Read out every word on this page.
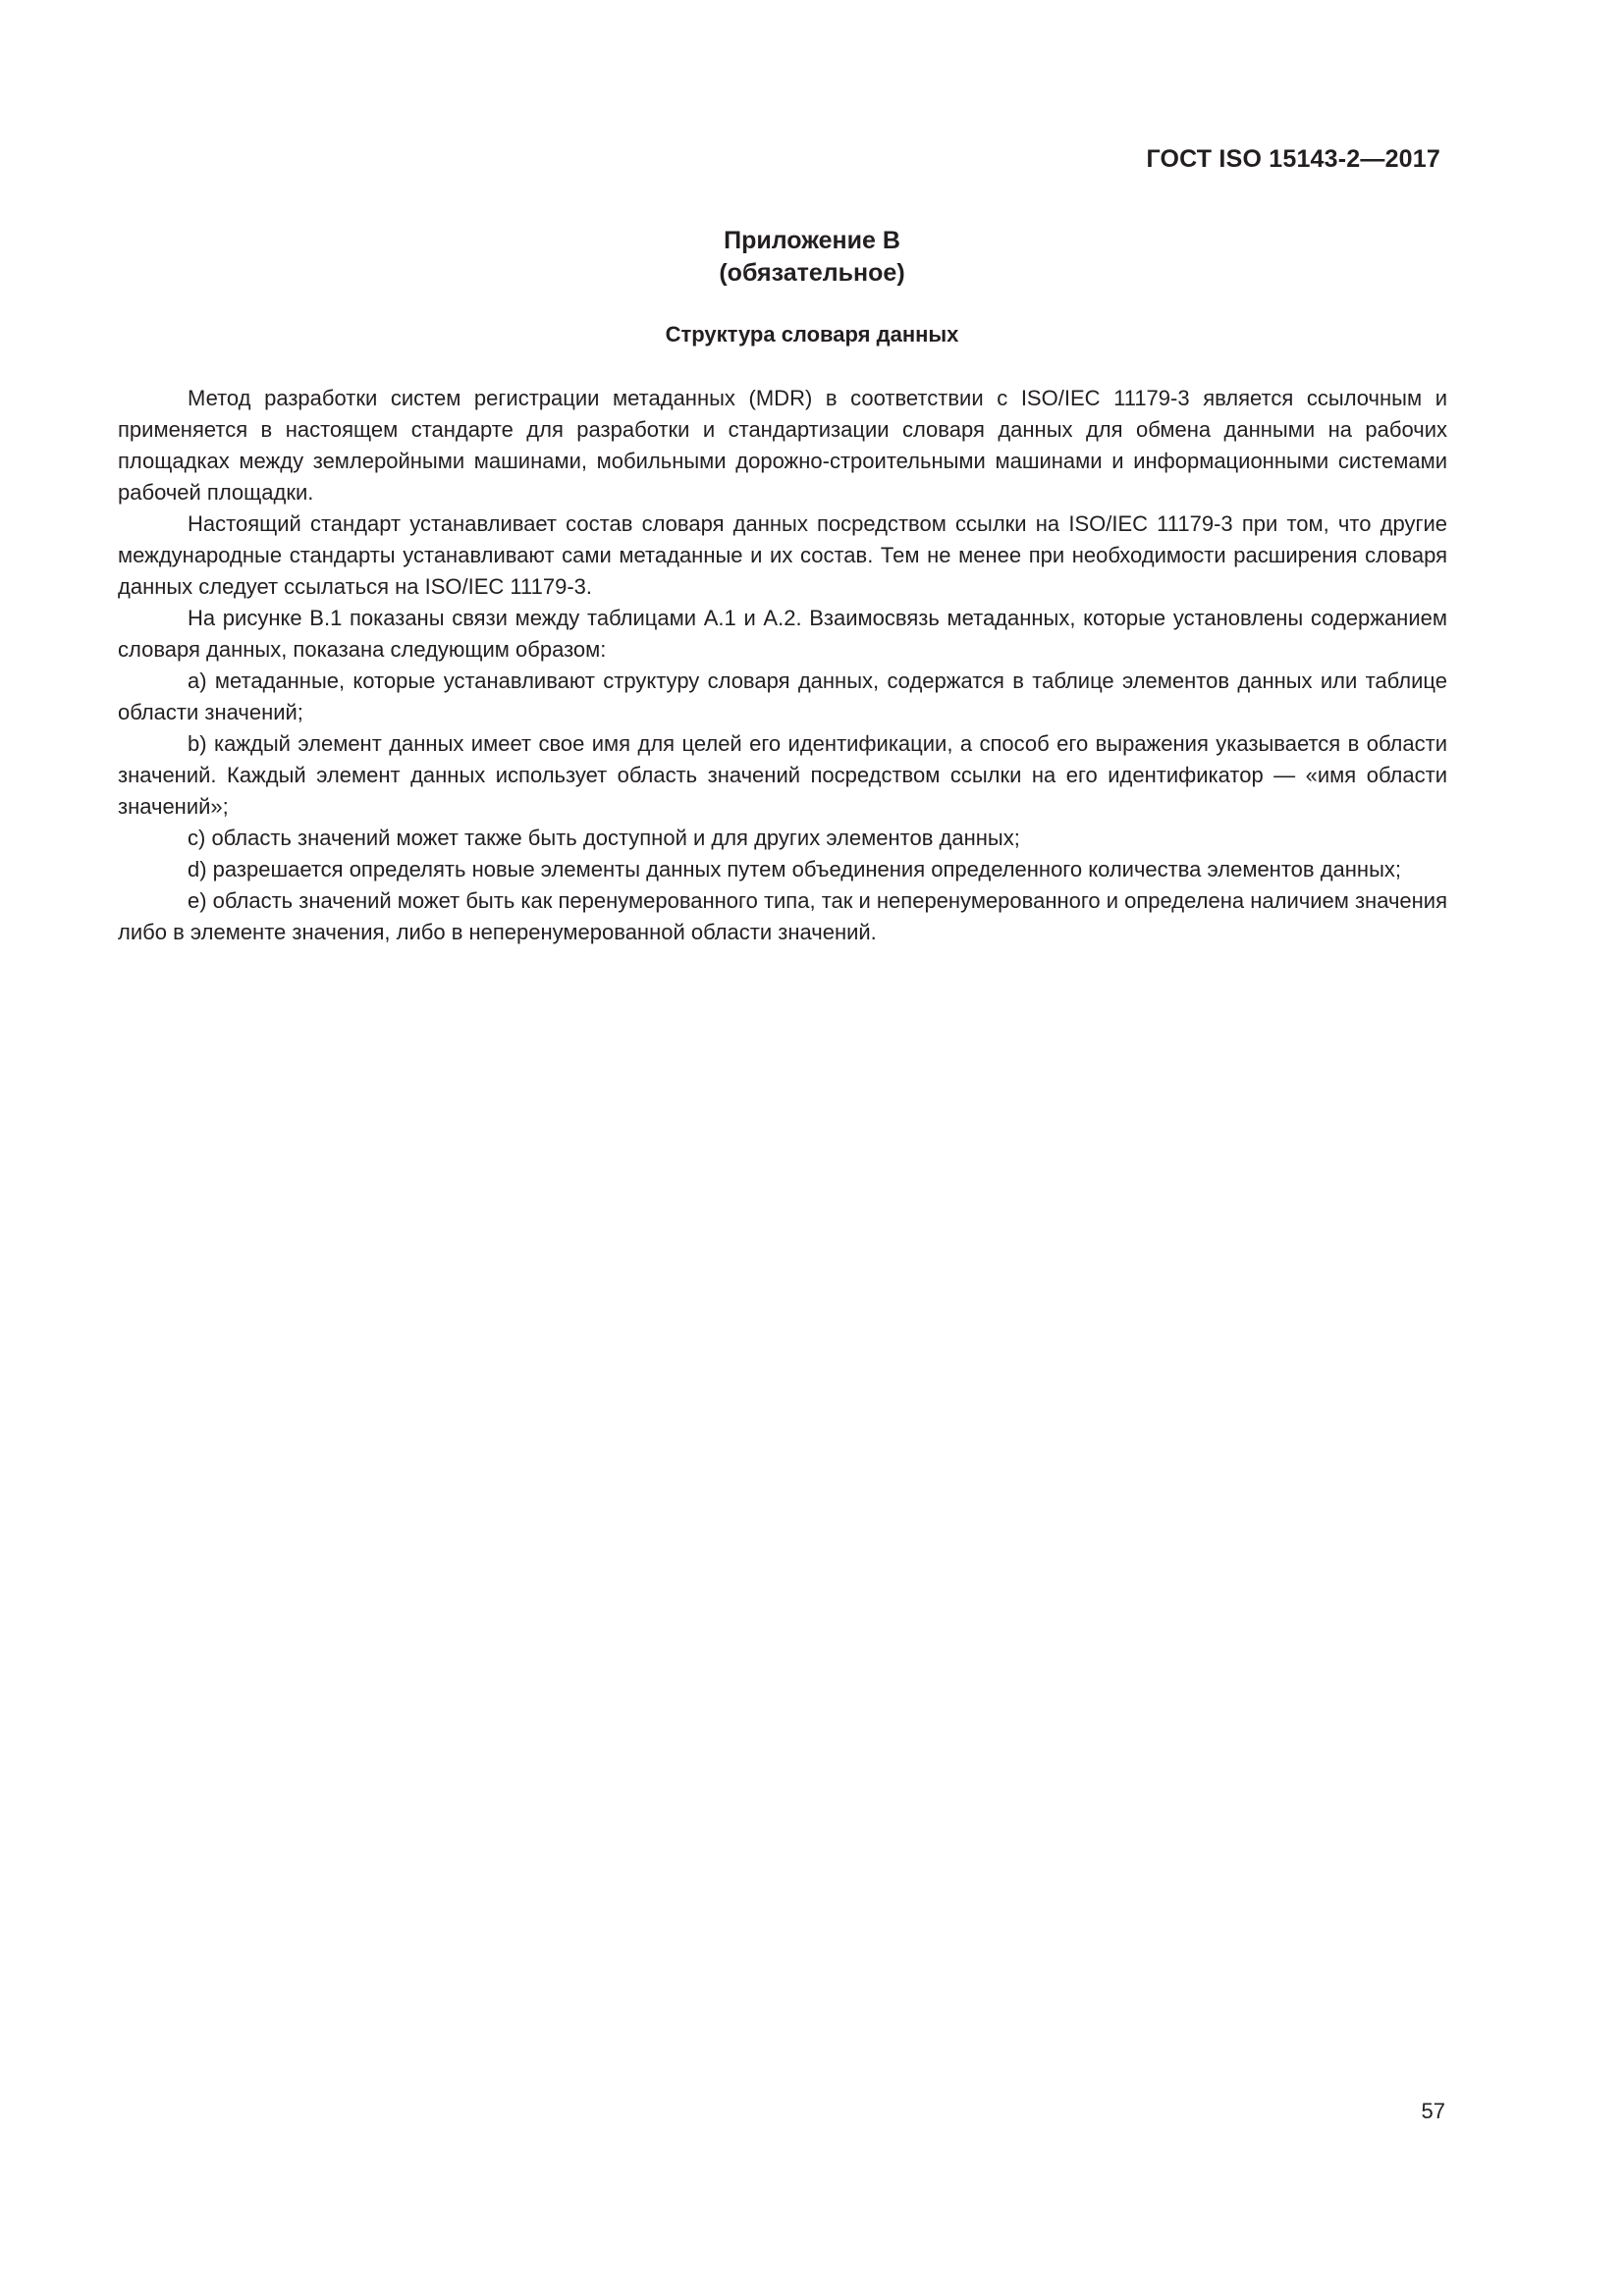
ГОСТ ISO 15143-2—2017

Приложение В

(обязательное)

Структура словаря данных

Метод разработки систем регистрации метаданных (MDR) в соответствии с ISO/IEC 11179-3 является ссылочным и применяется в настоящем стандарте для разработки и стандартизации словаря данных для обмена данными на рабочих площадках между землеройными машинами, мобильными дорожно-строительными машинами и информационными системами рабочей площадки.

Настоящий стандарт устанавливает состав словаря данных посредством ссылки на ISO/IEC 11179-3 при том, что другие международные стандарты устанавливают сами метаданные и их состав. Тем не менее при необходимости расширения словаря данных следует ссылаться на ISO/IEC 11179-3.

На рисунке В.1 показаны связи между таблицами А.1 и А.2. Взаимосвязь метаданных, которые установлены содержанием словаря данных, показана следующим образом:

а) метаданные, которые устанавливают структуру словаря данных, содержатся в таблице элементов данных или таблице области значений;

b) каждый элемент данных имеет свое имя для целей его идентификации, а способ его выражения указывается в области значений. Каждый элемент данных использует область значений посредством ссылки на его идентификатор — «имя области значений»;

с) область значений может также быть доступной и для других элементов данных;

d) разрешается определять новые элементы данных путем объединения определенного количества элементов данных;

е) область значений может быть как перенумерованного типа, так и неперенумерованного и определена наличием значения либо в элементе значения, либо в неперенумерованной области значений.

57
